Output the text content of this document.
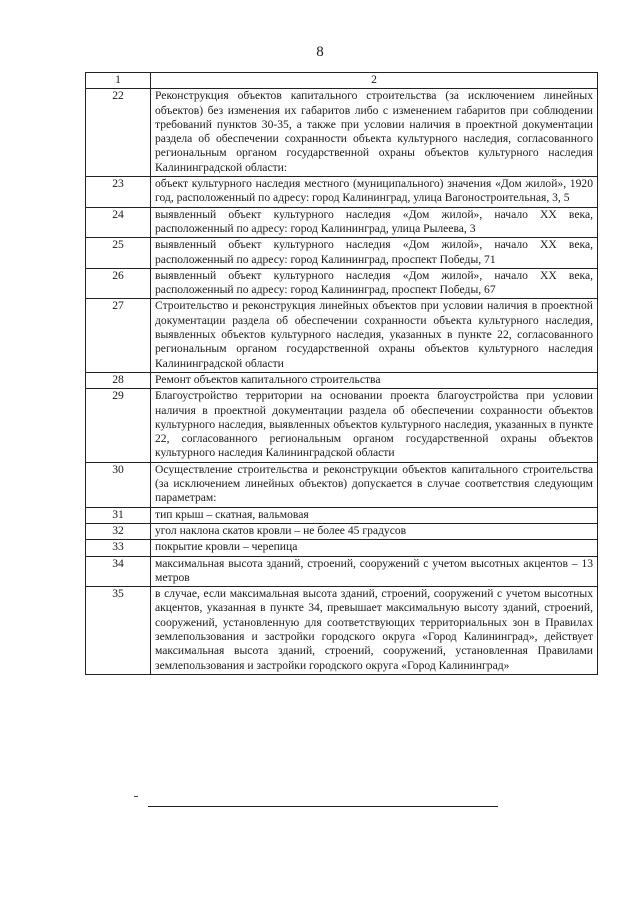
8
1	2
22	Реконструкция объектов капитального строительства (за исключением линейных объектов) без изменения их габаритов либо с изменением габаритов при соблюдении требований пунктов 30-35, а также при условии наличия в проектной документации раздела об обеспечении сохранности объекта культурного наследия, согласованного региональным органом государственной охраны объектов культурного наследия Калининградской области:
23	объект культурного наследия местного (муниципального) значения «Дом жилой», 1920 год, расположенный по адресу: город Калининград, улица Вагоностроительная, 3, 5
24	выявленный объект культурного наследия «Дом жилой», начало XX века, расположенный по адресу: город Калининград, улица Рылеева, 3
25	выявленный объект культурного наследия «Дом жилой», начало XX века, расположенный по адресу: город Калининград, проспект Победы, 71
26	выявленный объект культурного наследия «Дом жилой», начало XX века, расположенный по адресу: город Калининград, проспект Победы, 67
27	Строительство и реконструкция линейных объектов при условии наличия в проектной документации раздела об обеспечении сохранности объекта культурного наследия, выявленных объектов культурного наследия, указанных в пункте 22, согласованного региональным органом государственной охраны объектов культурного наследия Калининградской области
28	Ремонт объектов капитального строительства
29	Благоустройство территории на основании проекта благоустройства при условии наличия в проектной документации раздела об обеспечении сохранности объектов культурного наследия, выявленных объектов культурного наследия, указанных в пункте 22, согласованного региональным органом государственной охраны объектов культурного наследия Калининградской области
30	Осуществление строительства и реконструкции объектов капитального строительства (за исключением линейных объектов) допускается в случае соответствия следующим параметрам:
31	тип крыш – скатная, вальмовая
32	угол наклона скатов кровли – не более 45 градусов
33	покрытие кровли – черепица
34	максимальная высота зданий, строений, сооружений с учетом высотных акцентов – 13 метров
35	в случае, если максимальная высота зданий, строений, сооружений с учетом высотных акцентов, указанная в пункте 34, превышает максимальную высоту зданий, строений, сооружений, установленную для соответствующих территориальных зон в Правилах землепользования и застройки городского округа «Город Калининград», действует максимальная высота зданий, строений, сооружений, установленная Правилами землепользования и застройки городского округа «Город Калининград»
